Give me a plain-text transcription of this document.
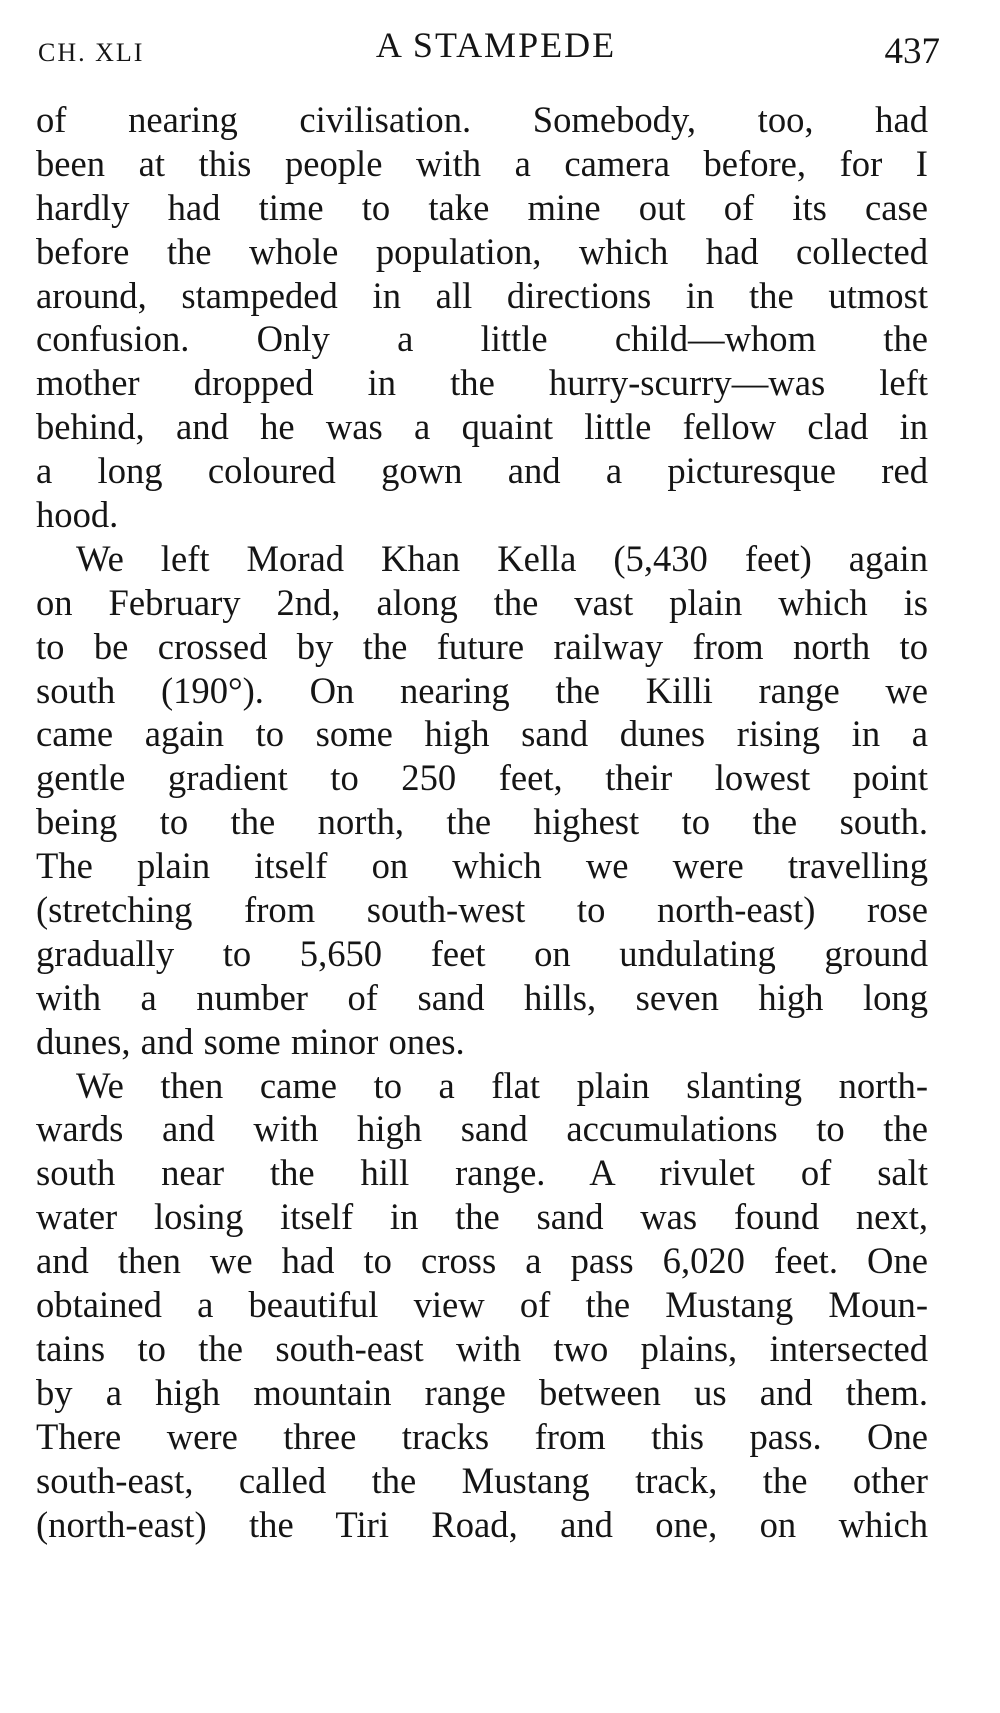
CH. XLI	A STAMPEDE	437

of nearing civilisation. Somebody, too, had
been at this people with a camera before, for I
hardly had time to take mine out of its case
before the whole population, which had collected
around, stampeded in all directions in the utmost
confusion. Only a little child—whom the
mother dropped in the hurry-scurry—was left
behind, and he was a quaint little fellow clad in
a long coloured gown and a picturesque red
hood.

We left Morad Khan Kella (5,430 feet) again
on February 2nd, along the vast plain which is
to be crossed by the future railway from north to
south (190°). On nearing the Killi range we
came again to some high sand dunes rising in a
gentle gradient to 250 feet, their lowest point
being to the north, the highest to the south.
The plain itself on which we were travelling
(stretching from south-west to north-east) rose
gradually to 5,650 feet on undulating ground
with a number of sand hills, seven high long
dunes, and some minor ones.

We then came to a flat plain slanting north-
wards and with high sand accumulations to the
south near the hill range. A rivulet of salt
water losing itself in the sand was found next,
and then we had to cross a pass 6,020 feet. One
obtained a beautiful view of the Mustang Moun-
tains to the south-east with two plains, intersected
by a high mountain range between us and them.
There were three tracks from this pass. One
south-east, called the Mustang track, the other
(north-east) the Tiri Road, and one, on which
